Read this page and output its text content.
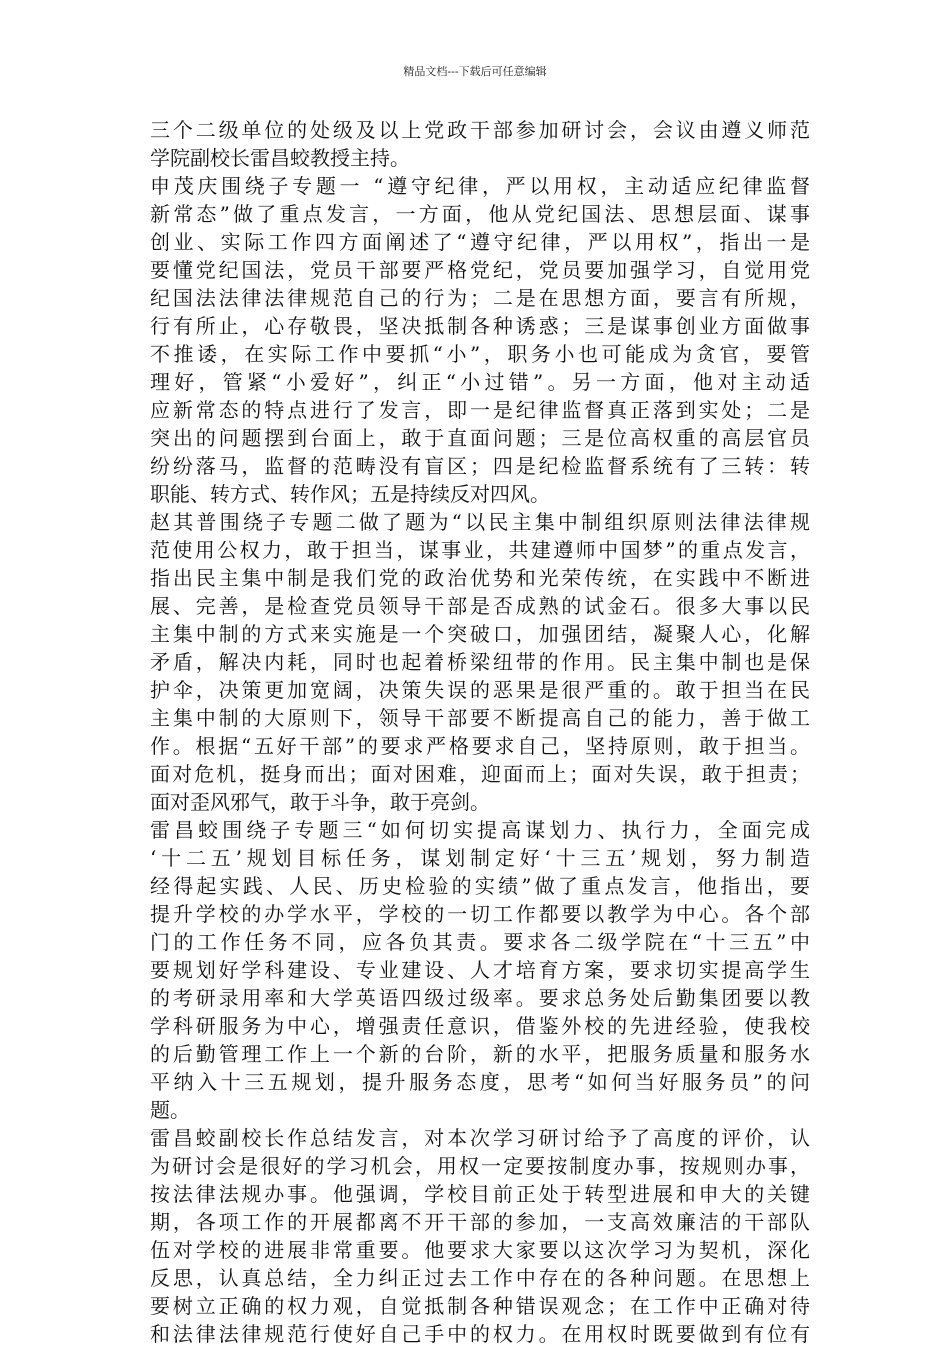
精品文档---下载后可任意编辑
三个二级单位的处级及以上党政干部参加研讨会，会议由遵义师范
学院副校长雷昌蛟教授主持。
申茂庆围绕子专题一 “遵守纪律，严以用权，主动适应纪律监督
新常态”做了重点发言，一方面，他从党纪国法、思想层面、谋事
创业、实际工作四方面阐述了“遵守纪律，严以用权”，指出一是
要懂党纪国法，党员干部要严格党纪，党员要加强学习，自觉用党
纪国法法律法律规范自己的行为；二是在思想方面，要言有所规，
行有所止，心存敬畏，坚决抵制各种诱惑；三是谋事创业方面做事
不推诿，在实际工作中要抓“小”，职务小也可能成为贪官，要管
理好，管紧“小爱好”，纠正“小过错”。另一方面，他对主动适
应新常态的特点进行了发言，即一是纪律监督真正落到实处；二是
突出的问题摆到台面上，敢于直面问题；三是位高权重的高层官员
纷纷落马，监督的范畴没有盲区；四是纪检监督系统有了三转：转
职能、转方式、转作风；五是持续反对四风。
赵其普围绕子专题二做了题为“以民主集中制组织原则法律法律规
范使用公权力，敢于担当，谋事业，共建遵师中国梦”的重点发言，
指出民主集中制是我们党的政治优势和光荣传统，在实践中不断进
展、完善，是检查党员领导干部是否成熟的试金石。很多大事以民
主集中制的方式来实施是一个突破口，加强团结，凝聚人心，化解
矛盾，解决内耗，同时也起着桥梁纽带的作用。民主集中制也是保
护伞，决策更加宽阔，决策失误的恶果是很严重的。敢于担当在民
主集中制的大原则下，领导干部要不断提高自己的能力，善于做工
作。根据“五好干部”的要求严格要求自己，坚持原则，敢于担当。
面对危机，挺身而出；面对困难，迎面而上；面对失误，敢于担责；
面对歪风邪气，敢于斗争，敢于亮剑。
雷昌蛟围绕子专题三“如何切实提高谋划力、执行力，全面完成
‘十二五’规划目标任务，谋划制定好‘十三五’规划，努力制造
经得起实践、人民、历史检验的实绩”做了重点发言，他指出，要
提升学校的办学水平，学校的一切工作都要以教学为中心。各个部
门的工作任务不同，应各负其责。要求各二级学院在“十三五”中
要规划好学科建设、专业建设、人才培育方案，要求切实提高学生
的考研录用率和大学英语四级过级率。要求总务处后勤集团要以教
学科研服务为中心，增强责任意识，借鉴外校的先进经验，使我校
的后勤管理工作上一个新的台阶，新的水平，把服务质量和服务水
平纳入十三五规划，提升服务态度，思考“如何当好服务员”的问
题。
雷昌蛟副校长作总结发言，对本次学习研讨给予了高度的评价，认
为研讨会是很好的学习机会，用权一定要按制度办事，按规则办事，
按法律法规办事。他强调，学校目前正处于转型进展和申大的关键
期，各项工作的开展都离不开干部的参加，一支高效廉洁的干部队
伍对学校的进展非常重要。他要求大家要以这次学习为契机，深化
反思，认真总结，全力纠正过去工作中存在的各种问题。在思想上
要树立正确的权力观，自觉抵制各种错误观念；在工作中正确对待
和法律法律规范行使好自己手中的权力。在用权时既要做到有位有
